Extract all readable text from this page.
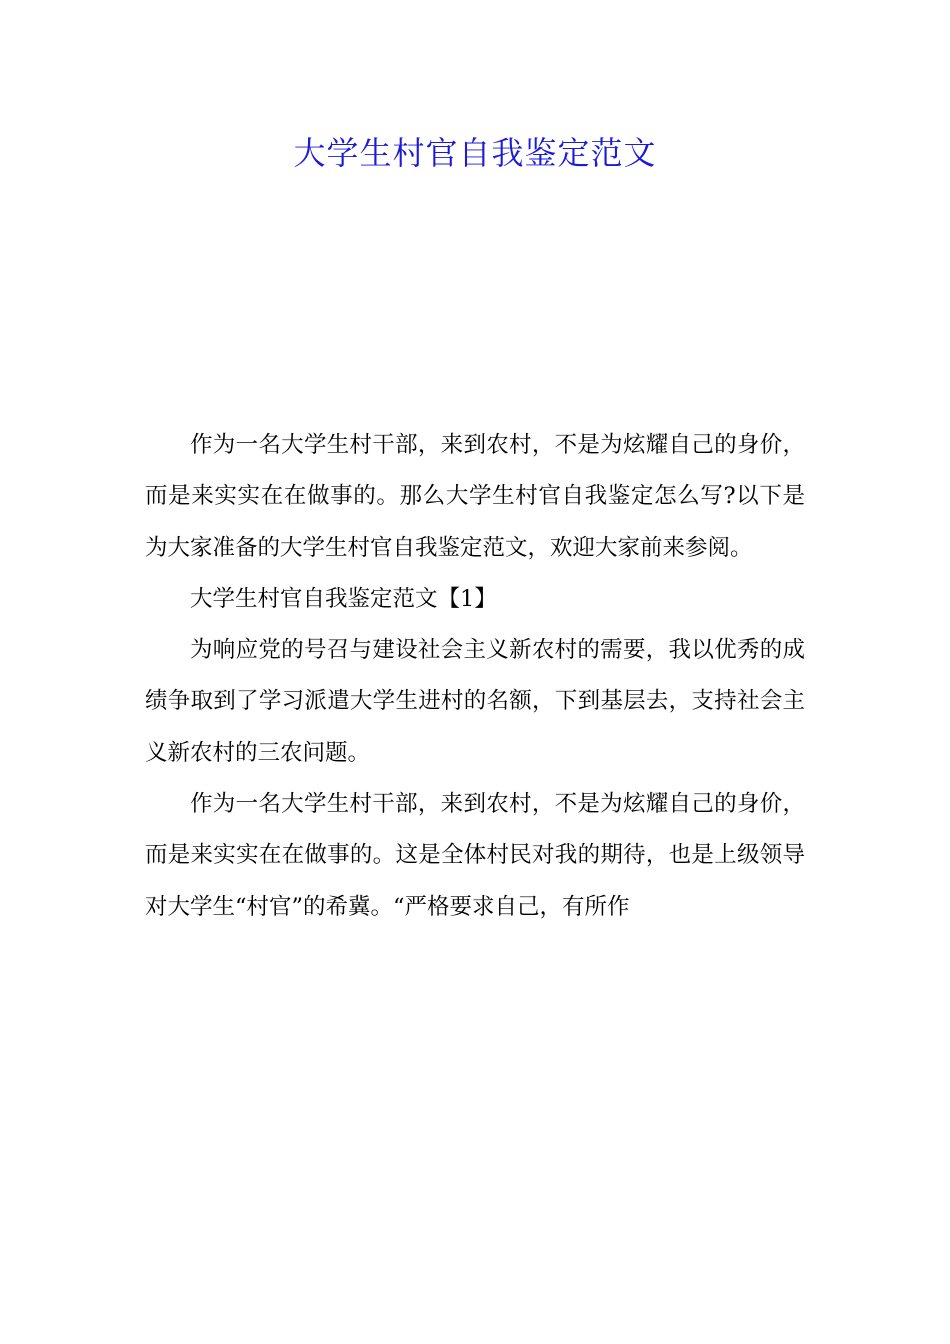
大学生村官自我鉴定范文

作为一名大学生村干部，来到农村，不是为炫耀自己的身价，而是来实实在在做事的。那么大学生村官自我鉴定怎么写?以下是为大家准备的大学生村官自我鉴定范文，欢迎大家前来参阅。

大学生村官自我鉴定范文【1】

为响应党的号召与建设社会主义新农村的需要，我以优秀的成绩争取到了学习派遣大学生进村的名额，下到基层去，支持社会主义新农村的三农问题。

作为一名大学生村干部，来到农村，不是为炫耀自己的身价，而是来实实在在做事的。这是全体村民对我的期待，也是上级领导对大学生“村官”的希冀。“严格要求自己，有所作
